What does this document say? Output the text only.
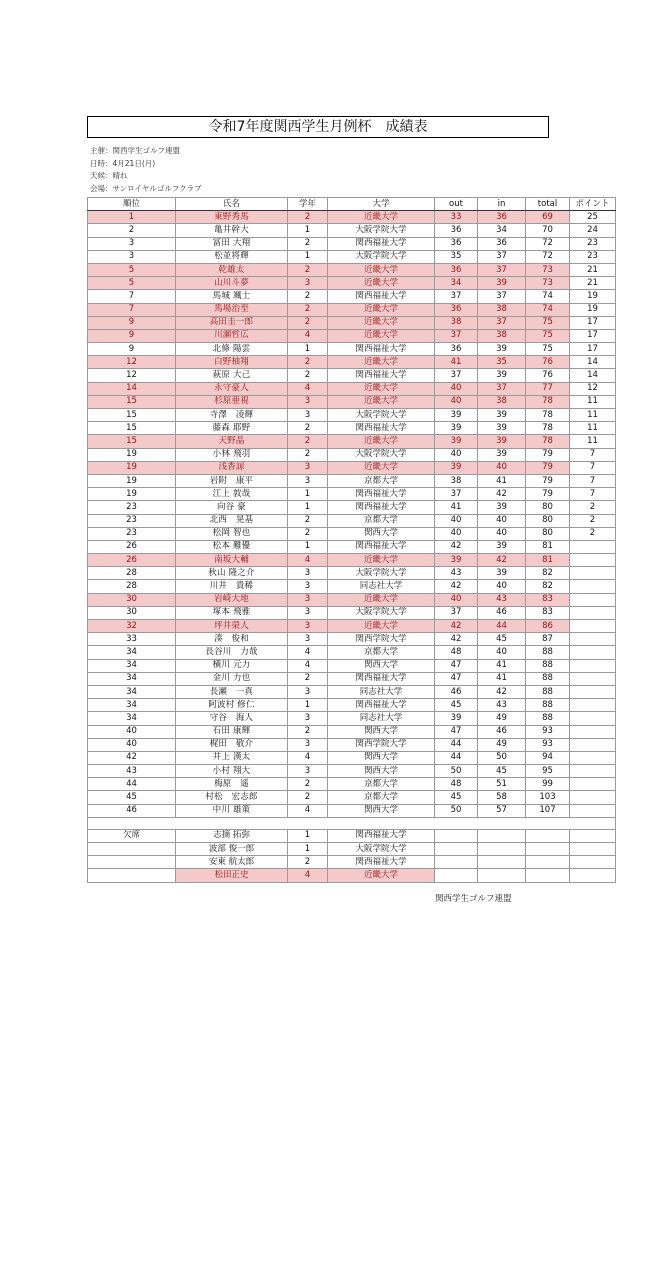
令和7年度関西学生月例杯　成績表
主催：関西学生ゴルフ連盟
日時：4月21日(月)
天候：晴れ
会場：サンロイヤルゴルフクラブ
順位	氏名	学年	大学	out	in	total	ポイント
1	東野秀馬	2	近畿大学	33	36	69	25
2	亀井幹大	1	大阪学院大学	36	34	70	24
3	冨田 大翔	2	関西福祉大学	36	36	72	23
3	松並将輝	1	大阪学院大学	35	37	72	23
5	乾雄太	2	近畿大学	36	37	73	21
5	山川斗夢	3	近畿大学	34	39	73	21
7	馬城 颯士	2	関西福祉大学	37	37	74	19
7	馬場治至	2	近畿大学	36	38	74	19
9	高田圭一郎	2	近畿大学	38	37	75	17
9	川瀬哲広	4	近畿大学	37	38	75	17
9	北條 陽雲	1	関西福祉大学	36	39	75	17
12	白野柚翔	2	近畿大学	41	35	76	14
12	萩原 大己	2	関西福祉大学	37	39	76	14
14	永守豪人	4	近畿大学	40	37	77	12
15	杉原亜視	3	近畿大学	40	38	78	11
15	寺澤　凌輝	3	大阪学院大学	39	39	78	11
15	藤森 耶野	2	関西福祉大学	39	39	78	11
15	天野晶	2	近畿大学	39	39	78	11
19	小林 飛羽	2	大阪学院大学	40	39	79	7
19	浅香諒	3	近畿大学	39	40	79	7
19	岩附　康平	3	京都大学	38	41	79	7
19	江上 敦哉	1	関西福祉大学	37	42	79	7
23	向谷 豪	1	関西福祉大学	41	39	80	2
23	北西　晃基	2	京都大学	40	40	80	2
23	松岡 智也	2	関西大学	40	40	80	2
26	松本 難優	1	関西福祉大学	42	39	81	
26	南坂大輔	4	近畿大学	39	42	81	
28	秋山 隆之介	3	大阪学院大学	43	39	82	
28	川井　貴稀	3	同志社大学	42	40	82	
30	岩崎大地	3	近畿大学	40	43	83	
30	塚本 飛雅	3	大阪学院大学	37	46	83	
32	坪井榮人	3	近畿大学	42	44	86	
33	湊　俊和	3	関西学院大学	42	45	87	
34	長谷川　力哉	4	京都大学	48	40	88	
34	横川 元力	4	関西大学	47	41	88	
34	金川 力也	2	関西福祉大学	47	41	88	
34	長瀬　一真	3	同志社大学	46	42	88	
34	阿波村 修仁	1	関西福祉大学	45	43	88	
34	守谷　海人	3	同志社大学	39	49	88	
40	石田 康輝	2	関西大学	47	46	93	
40	梶田　敬介	3	関西学院大学	44	49	93	
42	井上 漢太	4	関西大学	44	50	94	
43	小村 翔大	3	関西大学	50	45	95	
44	梅原　遥	2	京都大学	48	51	99	
45	村松　宏志郎	2	京都大学	45	58	103	
46	中川 雄策	4	関西大学	50	57	107	

欠席	志摘 拓弥	1	関西福祉大学				
	波部 俊一郎	1	大阪学院大学				
	安東 航太郎	2	関西福祉大学				
	松田正史	4	近畿大学				
関西学生ゴルフ連盟
